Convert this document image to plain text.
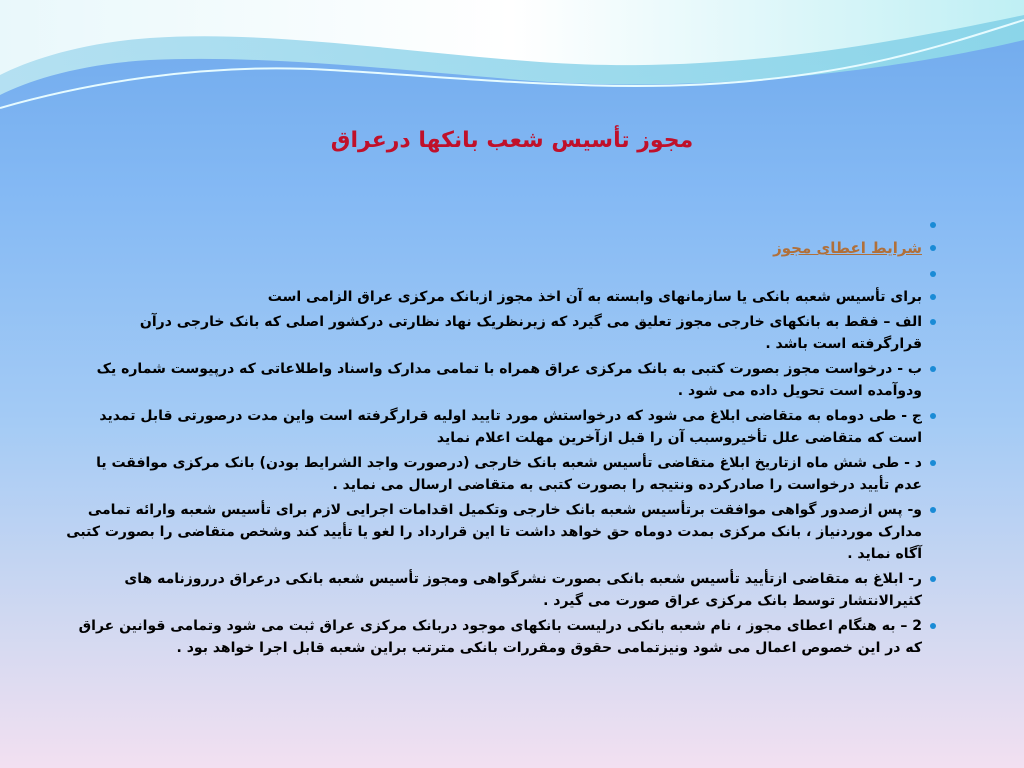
مجوز تأسیس شعب بانکها درعراق
شرایط اعطای مجوز
برای تأسیس شعبه بانکی یا سازمانهای وابسته به آن اخذ مجوز ازبانک مرکزی عراق الزامی است
الف – فقط به بانکهای خارجی مجوز تعلیق می گیرد که زیرنظریک نهاد نظارتی درکشور اصلی که بانک خارجی درآن قرارگرفته است باشد .
ب - درخواست مجوز بصورت کتبی به بانک مرکزی عراق همراه با تمامی مدارک واسناد واطلاعاتی که درپیوست شماره یک ودوآمده است تحویل داده می شود .
ج - طی دوماه به متقاضی ابلاغ می شود که درخواستش مورد تایید اولیه قرارگرفته است واین مدت درصورتی قابل تمدید است که متقاضی علل تأخیروسبب آن را قبل ازآخرین مهلت اعلام نماید
د - طی شش ماه ازتاریخ ابلاغ متقاضی تأسیس شعبه بانک خارجی (درصورت واجد الشرایط بودن) بانک مرکزی موافقت یا عدم تأیید درخواست را صادرکرده ونتیجه را بصورت کتبی به متقاضی ارسال می نماید .
و- پس ازصدور گواهی موافقت برتأسیس شعبه بانک خارجی وتکمیل اقدامات اجرایی لازم برای تأسیس شعبه وارائه تمامی مدارک موردنیاز ، بانک مرکزی بمدت دوماه حق خواهد داشت تا این قرارداد را لغو یا تأیید کند وشخص متقاضی را بصورت کتبی آگاه نماید .
ر- ابلاغ به متقاضی ازتأیید تأسیس شعبه بانکی بصورت نشرگواهی ومجوز تأسیس شعبه بانکی درعراق درروزنامه های کثیرالانتشار توسط بانک مرکزی عراق صورت می گیرد .
2 – به هنگام اعطای مجوز ، نام شعبه بانکی درلیست بانکهای موجود دربانک مرکزی عراق ثبت می شود وتمامی قوانین عراق که در این خصوص اعمال می شود ونیزتمامی حقوق ومقررات بانکی مترتب براین شعبه قابل اجرا خواهد بود .
